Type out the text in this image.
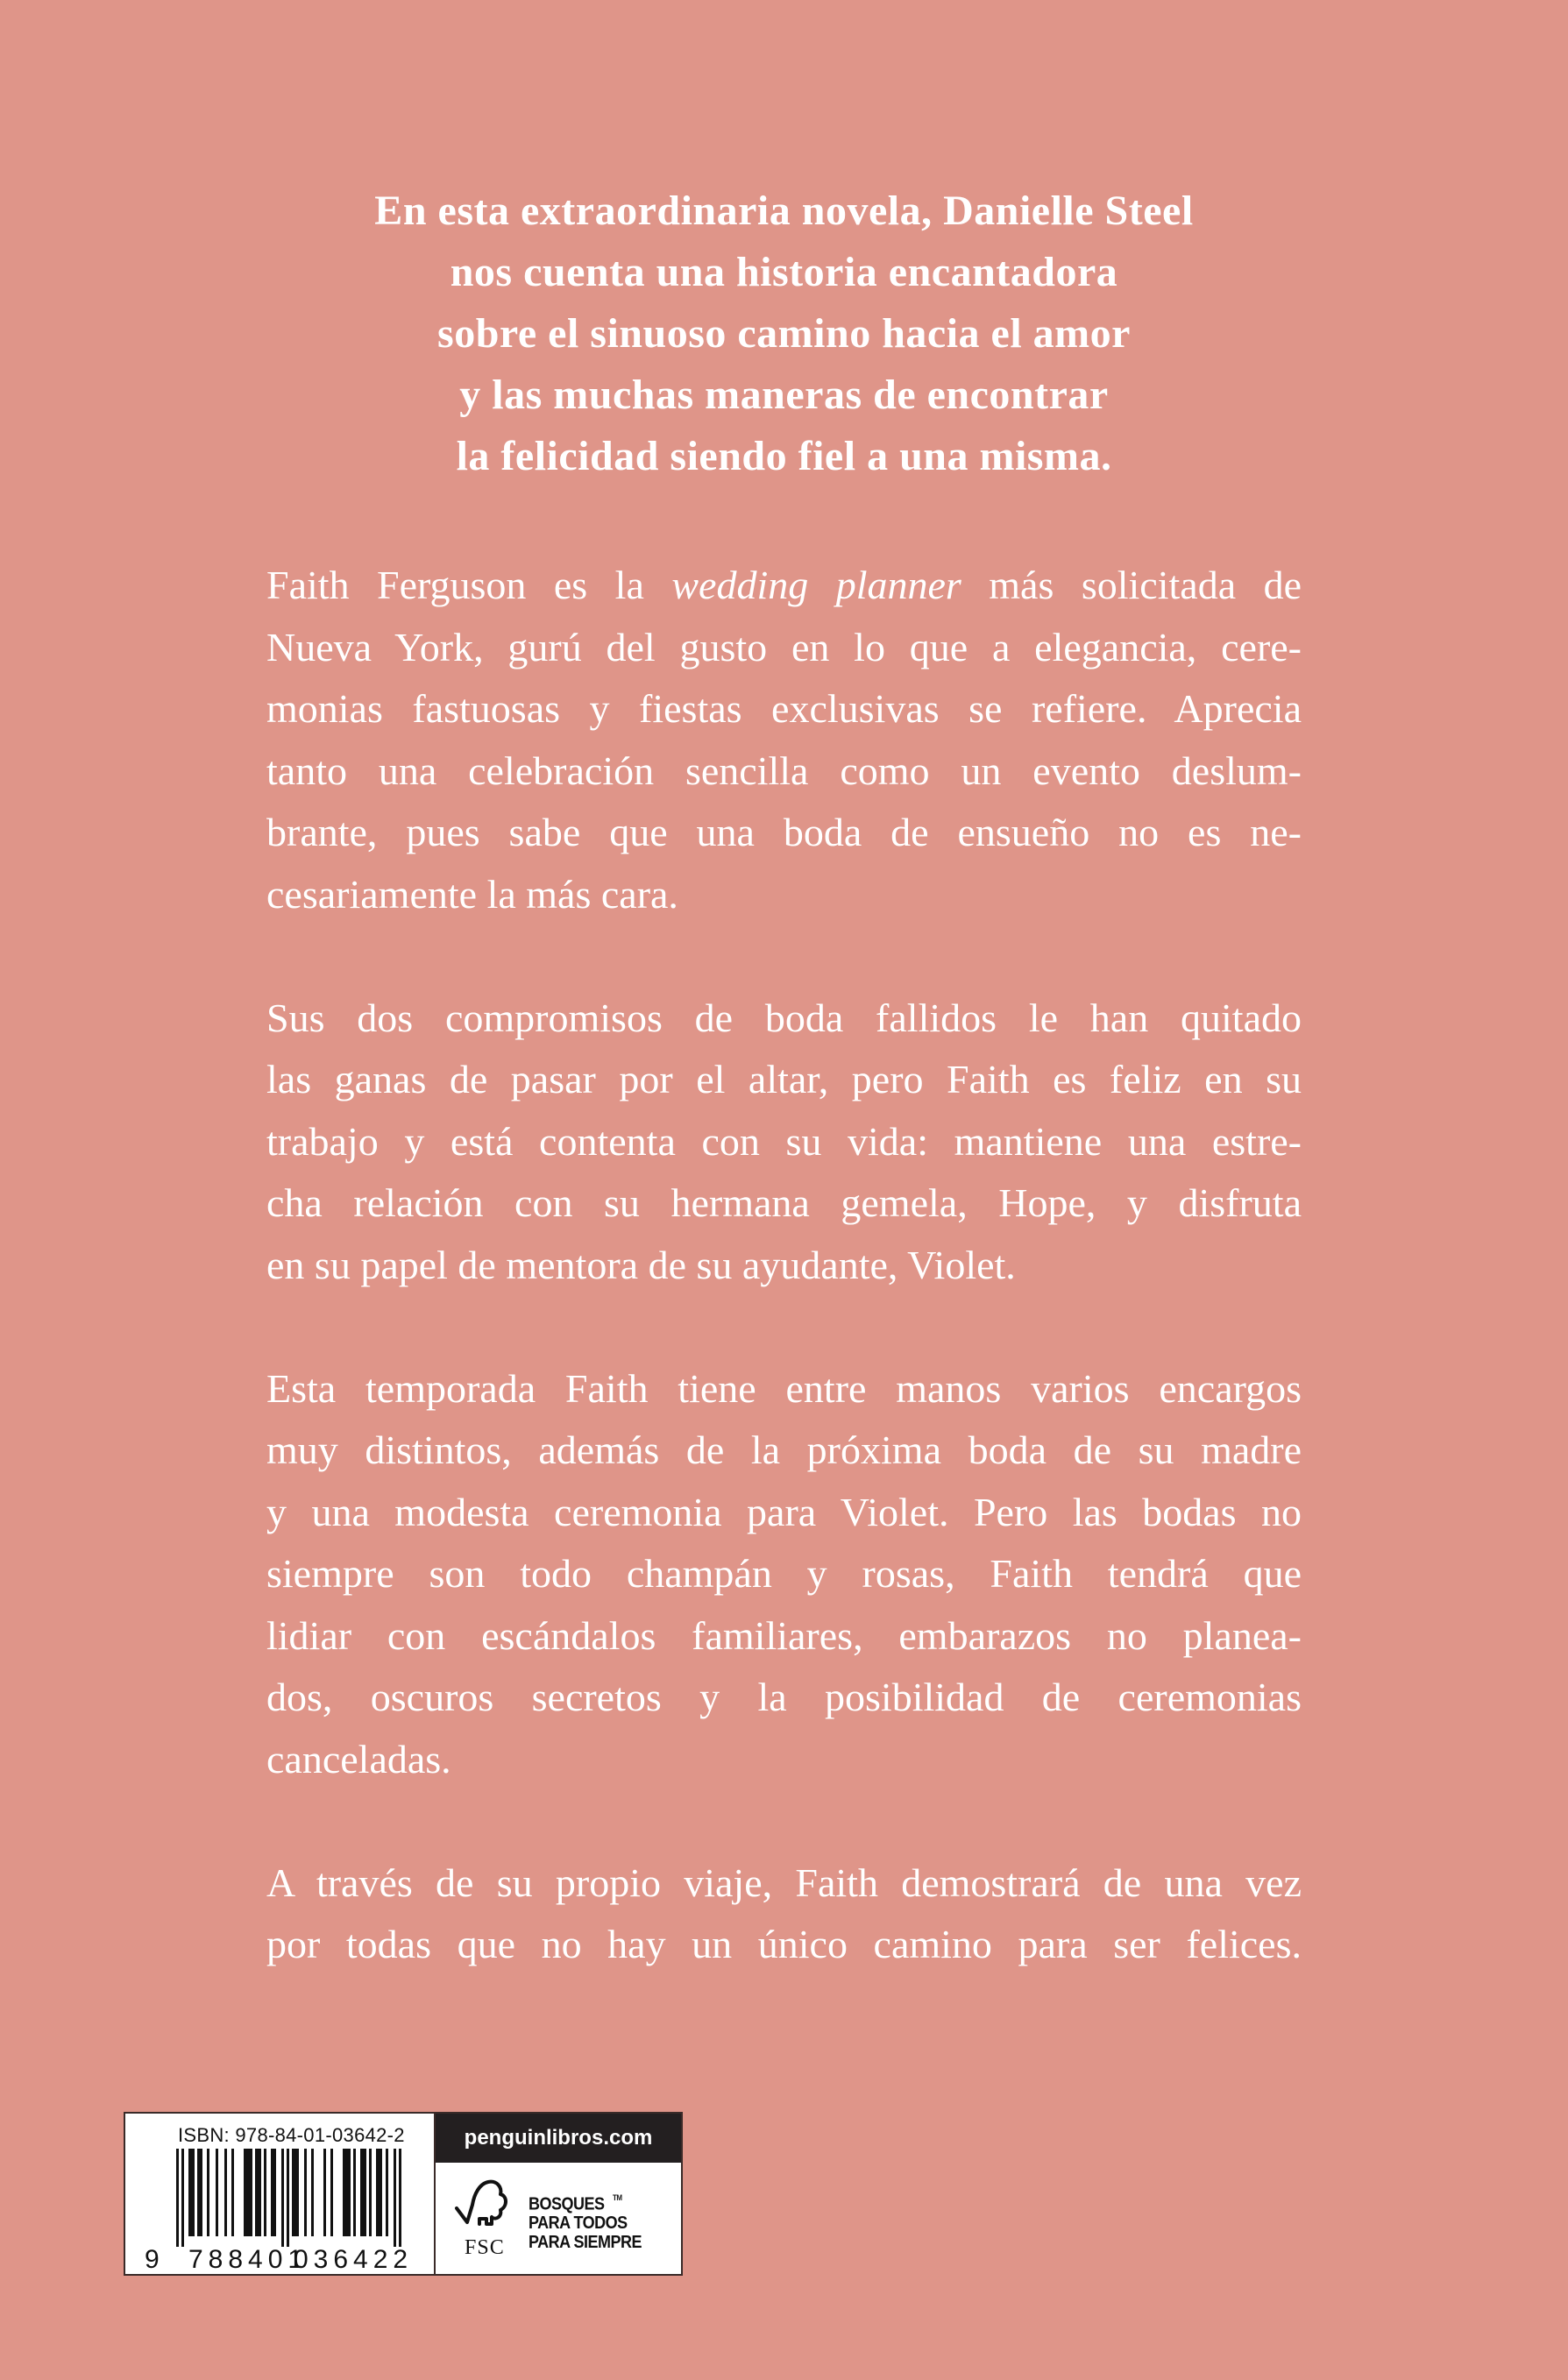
En esta extraordinaria novela, Danielle Steel
nos cuenta una historia encantadora
sobre el sinuoso camino hacia el amor
y las muchas maneras de encontrar
la felicidad siendo fiel a una misma.

Faith Ferguson es la wedding planner más solicitada de
Nueva York, gurú del gusto en lo que a elegancia, cere-
monias fastuosas y fiestas exclusivas se refiere. Aprecia
tanto una celebración sencilla como un evento deslum-
brante, pues sabe que una boda de ensueño no es ne-
cesariamente la más cara.

Sus dos compromisos de boda fallidos le han quitado
las ganas de pasar por el altar, pero Faith es feliz en su
trabajo y está contenta con su vida: mantiene una estre-
cha relación con su hermana gemela, Hope, y disfruta
en su papel de mentora de su ayudante, Violet.

Esta temporada Faith tiene entre manos varios encargos
muy distintos, además de la próxima boda de su madre
y una modesta ceremonia para Violet. Pero las bodas no
siempre son todo champán y rosas, Faith tendrá que
lidiar con escándalos familiares, embarazos no planea-
dos, oscuros secretos y la posibilidad de ceremonias
canceladas.

A través de su propio viaje, Faith demostrará de una vez
por todas que no hay un único camino para ser felices.

ISBN: 978-84-01-03642-2
9 788401
036422
penguinlibros.com
FSC
BOSQUES
PARA TODOS
PARA SIEMPRE
TM
